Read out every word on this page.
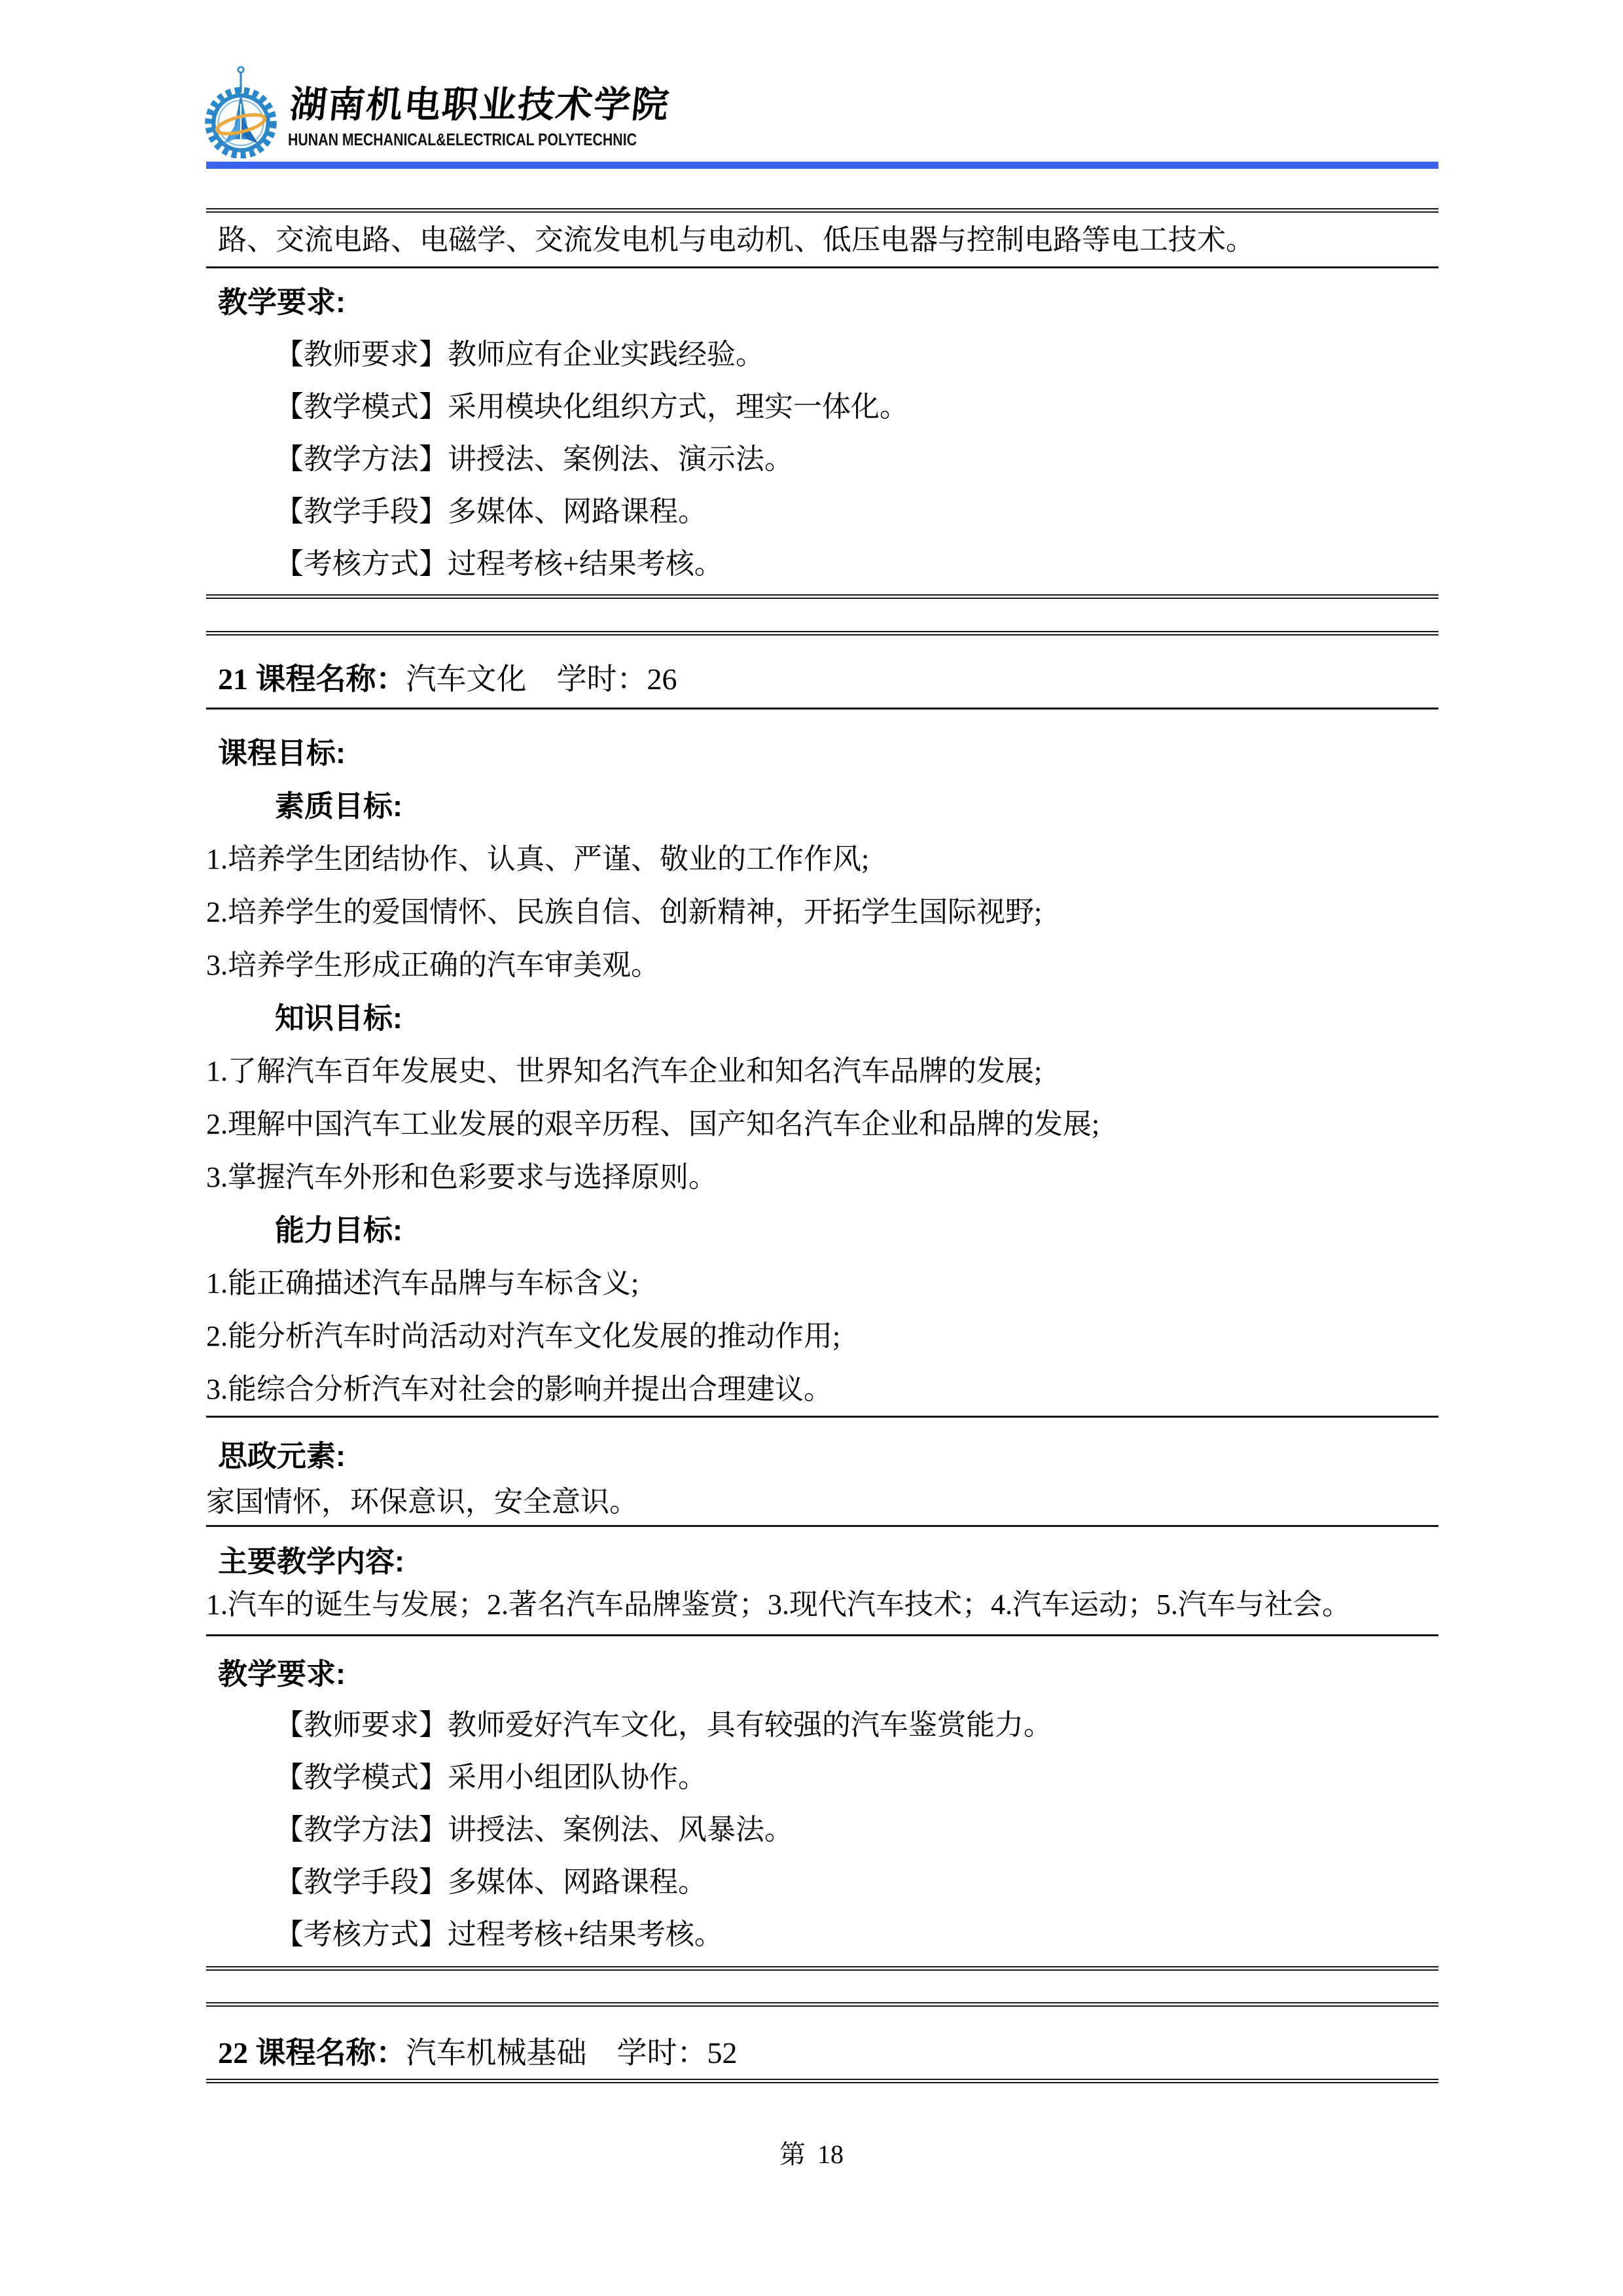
湖南机电职业技术学院
HUNAN MECHANICAL&ELECTRICAL POLYTECHNIC

路、交流电路、电磁学、交流发电机与电动机、低压电器与控制电路等电工技术。

教学要求:
【教师要求】教师应有企业实践经验。
【教学模式】采用模块化组织方式，理实一体化。
【教学方法】讲授法、案例法、演示法。
【教学手段】多媒体、网路课程。
【考核方式】过程考核+结果考核。

21 课程名称：汽车文化　学时：26

课程目标:
素质目标:
1.培养学生团结协作、认真、严谨、敬业的工作作风;
2.培养学生的爱国情怀、民族自信、创新精神，开拓学生国际视野;
3.培养学生形成正确的汽车审美观。
知识目标:
1.了解汽车百年发展史、世界知名汽车企业和知名汽车品牌的发展;
2.理解中国汽车工业发展的艰辛历程、国产知名汽车企业和品牌的发展;
3.掌握汽车外形和色彩要求与选择原则。
能力目标:
1.能正确描述汽车品牌与车标含义;
2.能分析汽车时尚活动对汽车文化发展的推动作用;
3.能综合分析汽车对社会的影响并提出合理建议。
思政元素:
家国情怀，环保意识，安全意识。
主要教学内容:
1.汽车的诞生与发展；2.著名汽车品牌鉴赏；3.现代汽车技术；4.汽车运动；5.汽车与社会。
教学要求:
【教师要求】教师爱好汽车文化，具有较强的汽车鉴赏能力。
【教学模式】采用小组团队协作。
【教学方法】讲授法、案例法、风暴法。
【教学手段】多媒体、网路课程。
【考核方式】过程考核+结果考核。

22 课程名称：汽车机械基础　学时：52

第 18
